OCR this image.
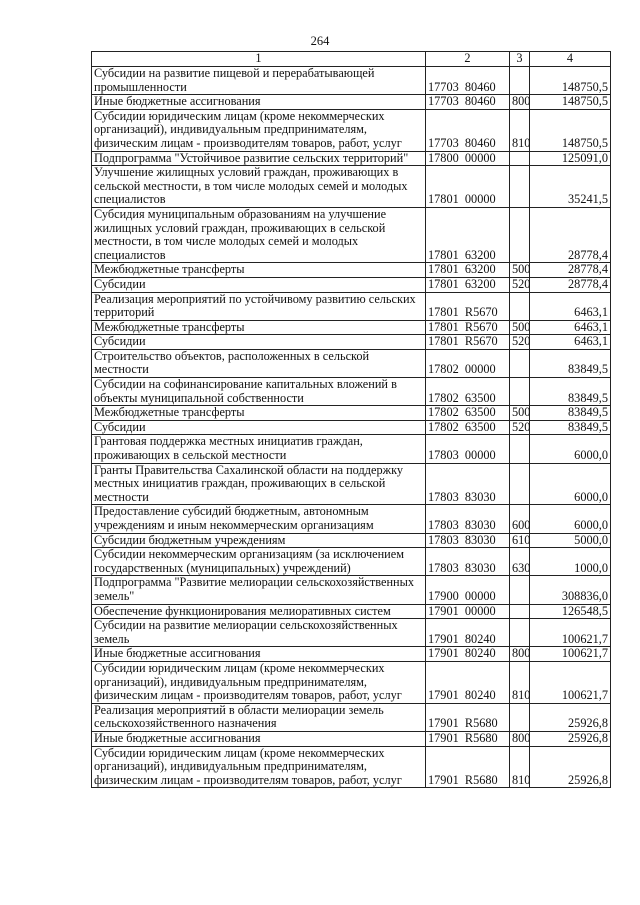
264
1	2	3	4
Субсидии на развитие пищевой и перерабатывающей промышленности	17703  80460		148750,5
Иные бюджетные ассигнования	17703  80460	800	148750,5
Субсидии юридическим лицам (кроме некоммерческих организаций), индивидуальным предпринимателям, физическим лицам - производителям товаров, работ, услуг	17703  80460	810	148750,5
Подпрограмма "Устойчивое развитие сельских территорий"	17800  00000		125091,0
Улучшение жилищных условий граждан, проживающих в сельской местности, в том числе молодых семей и молодых специалистов	17801  00000		35241,5
Субсидия муниципальным образованиям на улучшение жилищных условий граждан, проживающих в сельской местности, в том числе молодых семей и молодых специалистов	17801  63200		28778,4
Межбюджетные трансферты	17801  63200	500	28778,4
Субсидии	17801  63200	520	28778,4
Реализация мероприятий по устойчивому развитию сельских территорий	17801  R5670		6463,1
Межбюджетные трансферты	17801  R5670	500	6463,1
Субсидии	17801  R5670	520	6463,1
Строительство объектов, расположенных в сельской местности	17802  00000		83849,5
Субсидии на софинансирование капитальных вложений в объекты муниципальной собственности	17802  63500		83849,5
Межбюджетные трансферты	17802  63500	500	83849,5
Субсидии	17802  63500	520	83849,5
Грантовая поддержка местных инициатив граждан, проживающих в сельской местности	17803  00000		6000,0
Гранты Правительства Сахалинской области на поддержку местных инициатив граждан, проживающих в сельской местности	17803  83030		6000,0
Предоставление субсидий бюджетным, автономным учреждениям и иным некоммерческим организациям	17803  83030	600	6000,0
Субсидии бюджетным учреждениям	17803  83030	610	5000,0
Субсидии некоммерческим организациям (за исключением государственных (муниципальных) учреждений)	17803  83030	630	1000,0
Подпрограмма "Развитие мелиорации сельскохозяйственных земель"	17900  00000		308836,0
Обеспечение функционирования мелиоративных систем	17901  00000		126548,5
Субсидии на развитие мелиорации сельскохозяйственных земель	17901  80240		100621,7
Иные бюджетные ассигнования	17901  80240	800	100621,7
Субсидии юридическим лицам (кроме некоммерческих организаций), индивидуальным предпринимателям, физическим лицам - производителям товаров, работ, услуг	17901  80240	810	100621,7
Реализация мероприятий в области мелиорации земель сельскохозяйственного назначения	17901  R5680		25926,8
Иные бюджетные ассигнования	17901  R5680	800	25926,8
Субсидии юридическим лицам (кроме некоммерческих организаций), индивидуальным предпринимателям, физическим лицам - производителям товаров, работ, услуг	17901  R5680	810	25926,8
